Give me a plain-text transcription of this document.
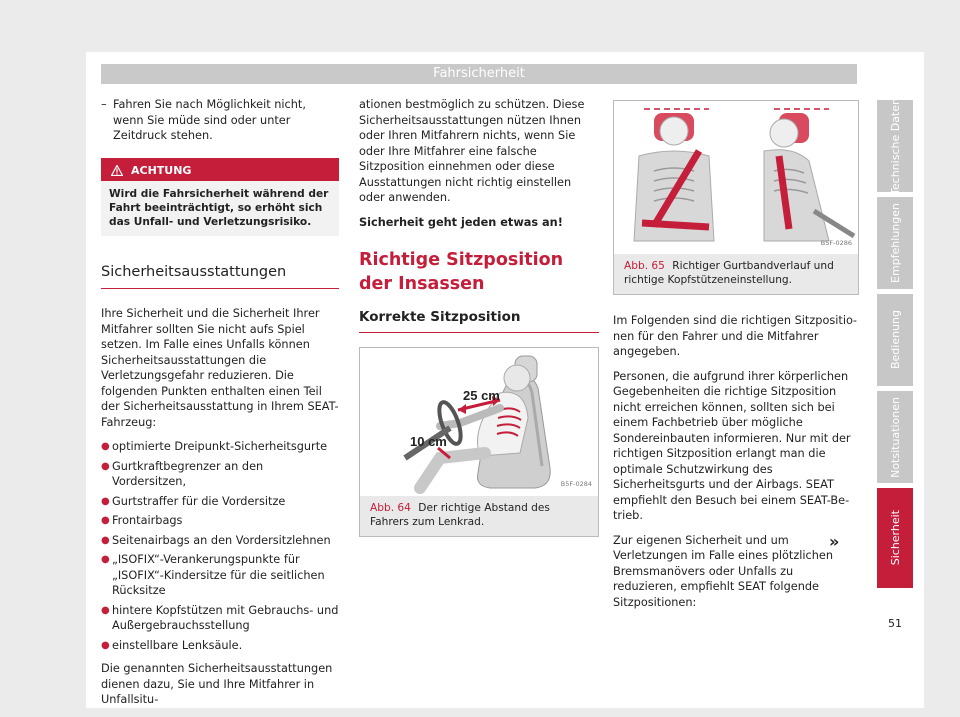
Fahrsicherheit
– Fahren Sie nach Möglichkeit nicht, wenn Sie müde sind oder unter Zeitdruck stehen.
ACHTUNG
Wird die Fahrsicherheit während der Fahrt beeinträchtigt, so erhöht sich das Unfall- und Verletzungsrisiko.
Sicherheitsausstattungen

Ihre Sicherheit und die Sicherheit Ihrer Mitfahrer sollten Sie nicht aufs Spiel setzen. Im Falle eines Unfalls können Sicherheitsausstattungen die Verletzungsgefahr reduzieren. Die folgenden Punkten enthalten einen Teil der Sicherheitsausstattung in Ihrem SEAT-Fahrzeug:

● optimierte Dreipunkt-Sicherheitsgurte
● Gurtkraftbegrenzer an den Vordersitzen,
● Gurtstraffer für die Vordersitze
● Frontairbags
● Seitenairbags an den Vordersitzlehnen
● „ISOFIX“-Verankerungspunkte für „ISOFIX“-Kindersitze für die seitlichen Rücksitze
● hintere Kopfstützen mit Gebrauchs- und Außergebrauchsstellung
● einstellbare Lenksäule.

Die genannten Sicherheitsausstattungen dienen dazu, Sie und Ihre Mitfahrer in Unfallsitu-

ationen bestmöglich zu schützen. Diese Sicherheitsausstattungen nützen Ihnen oder Ihren Mitfahrern nichts, wenn Sie oder Ihre Mitfahrer eine falsche Sitzposition einnehmen oder diese Ausstattungen nicht richtig einstellen oder anwenden.

Sicherheit geht jeden etwas an!

Richtige Sitzposition der Insassen
Korrekte Sitzposition
25 cm
10 cm
B5F-0284
Abb. 64 Der richtige Abstand des Fahrers zum Lenkrad.
B5F-0286
Abb. 65 Richtiger Gurtbandverlauf und richtige Kopfstützeneinstellung.

Im Folgenden sind die richtigen Sitzpositionen für den Fahrer und die Mitfahrer angegeben.

Personen, die aufgrund ihrer körperlichen Gegebenheiten die richtige Sitzposition nicht erreichen können, sollten sich bei einem Fachbetrieb über mögliche Sondereinbauten informieren. Nur mit der richtigen Sitzposition erlangt man die optimale Schutzwirkung des Sicherheitsgurts und der Airbags. SEAT empfiehlt den Besuch bei einem SEAT-Betrieb.

Zur eigenen Sicherheit und um Verletzungen im Falle eines plötzlichen Bremsmanövers oder Unfalls zu reduzieren, empfiehlt SEAT folgende Sitzpositionen:

»
Technische Daten
Empfehlungen
Bedienung
Notsituationen
Sicherheit
51
